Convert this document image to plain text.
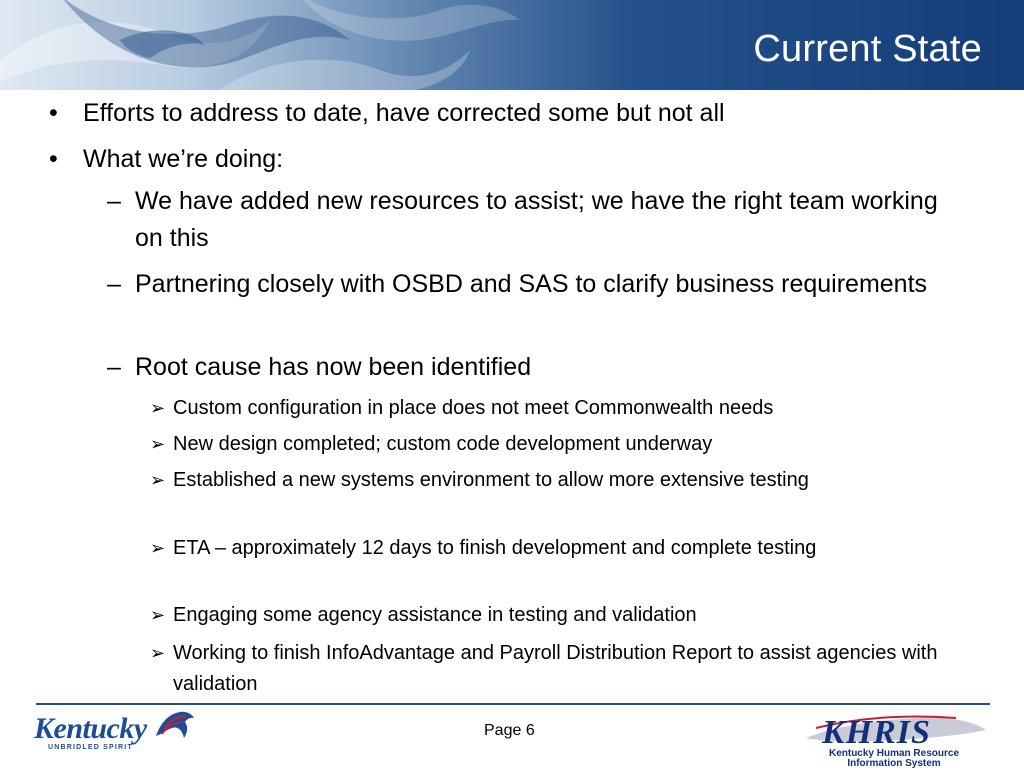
Current State
• Efforts to address to date, have corrected some but not all
• What we’re doing:
– We have added new resources to assist; we have the right team working on this
– Partnering closely with OSBD and SAS to clarify business requirements
– Root cause has now been identified
➢ Custom configuration in place does not meet Commonwealth needs
➢ New design completed; custom code development underway
➢ Established a new systems environment to allow more extensive testing
➢ ETA – approximately 12 days to finish development and complete testing
➢ Engaging some agency assistance in testing and validation
➢ Working to finish InfoAdvantage and Payroll Distribution Report to assist agencies with validation
Kentucky
UNBRIDLED SPIRIT
Page 6	KHRIS
Kentucky Human Resource
Information System
